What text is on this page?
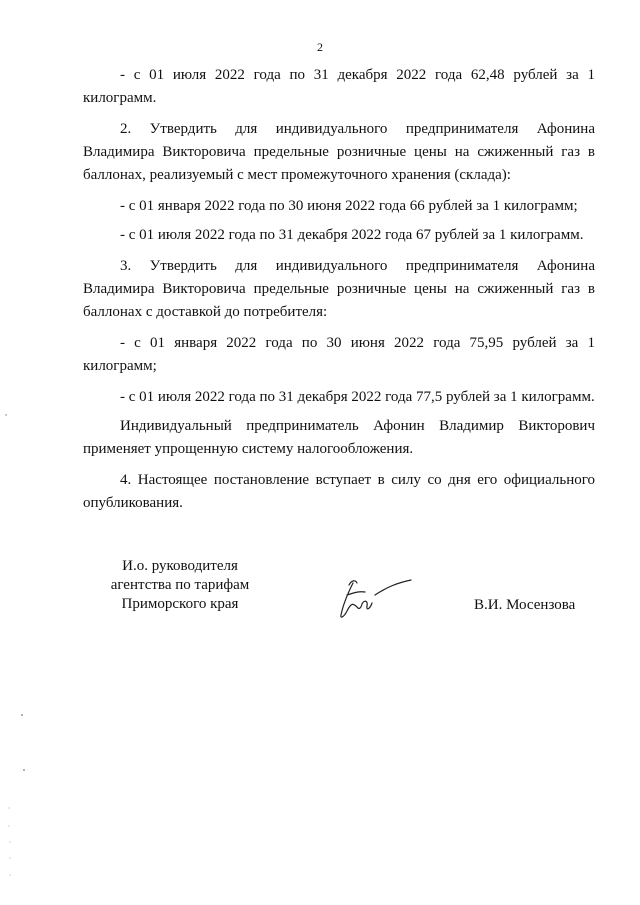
2

- с 01 июля 2022 года по 31 декабря 2022 года 62,48 рублей за 1 килограмм.

2. Утвердить для индивидуального предпринимателя Афонина Владимира Викторовича предельные розничные цены на сжиженный газ в баллонах, реализуемый с мест промежуточного хранения (склада):

- с 01 января 2022 года по 30 июня 2022 года 66 рублей за 1 килограмм;

- с 01 июля 2022 года по 31 декабря 2022 года 67 рублей за 1 килограмм.

3. Утвердить для индивидуального предпринимателя Афонина Владимира Викторовича предельные розничные цены на сжиженный газ в баллонах с доставкой до потребителя:

- с 01 января 2022 года по 30 июня 2022 года 75,95 рублей за 1 килограмм;

- с 01 июля 2022 года по 31 декабря 2022 года 77,5 рублей за 1 килограмм.

Индивидуальный предприниматель Афонин Владимир Викторович применяет упрощенную систему налогообложения.

4. Настоящее постановление вступает в силу со дня его официального опубликования.

И.о. руководителя
агентства по тарифам
Приморского края	В.И. Мосензова
